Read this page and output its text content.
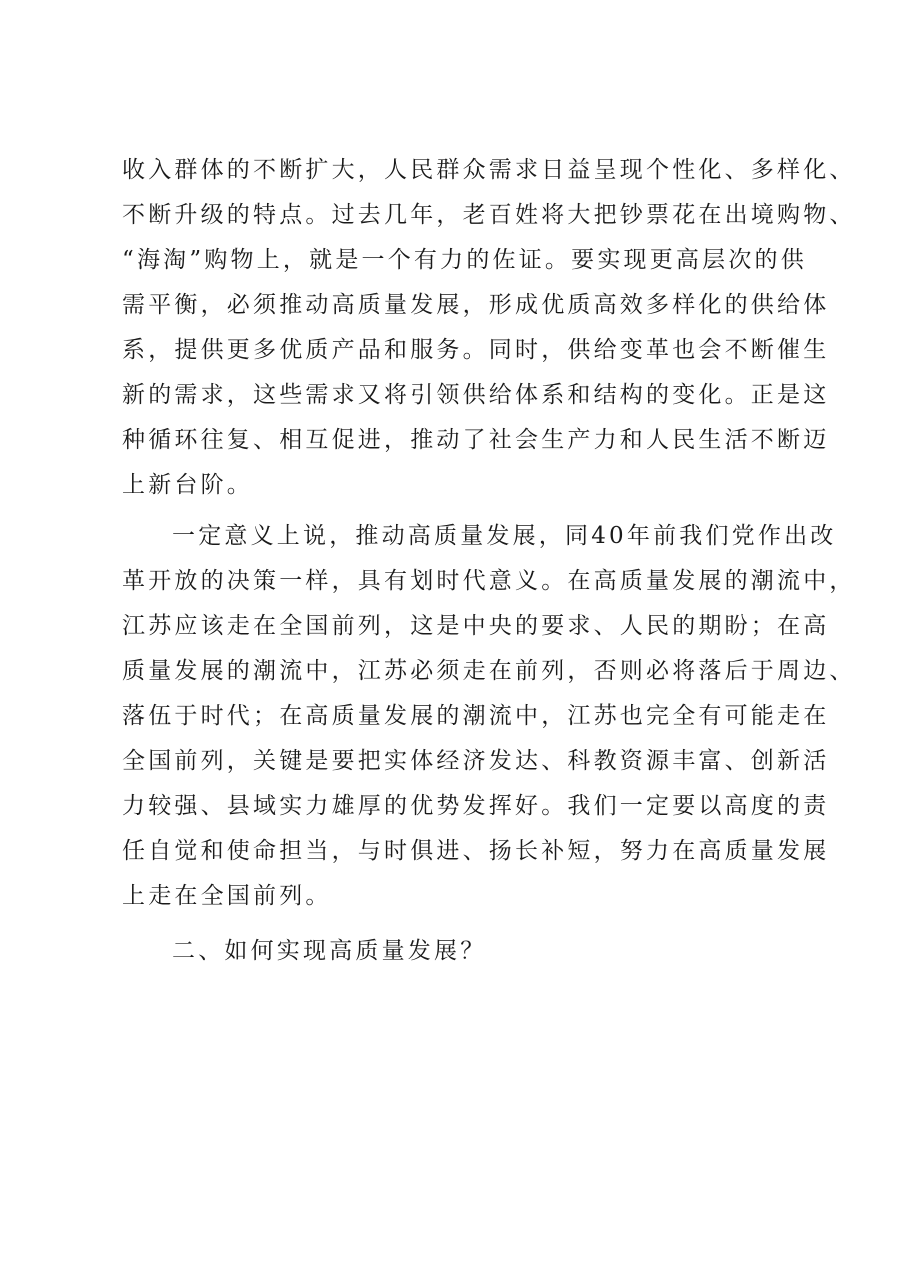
收入群体的不断扩大，人民群众需求日益呈现个性化、多样化、
不断升级的特点。过去几年，老百姓将大把钞票花在出境购物、
“海淘”购物上，就是一个有力的佐证。要实现更高层次的供
需平衡，必须推动高质量发展，形成优质高效多样化的供给体
系，提供更多优质产品和服务。同时，供给变革也会不断催生
新的需求，这些需求又将引领供给体系和结构的变化。正是这
种循环往复、相互促进，推动了社会生产力和人民生活不断迈
上新台阶。
一定意义上说，推动高质量发展，同40年前我们党作出改
革开放的决策一样，具有划时代意义。在高质量发展的潮流中，
江苏应该走在全国前列，这是中央的要求、人民的期盼；在高
质量发展的潮流中，江苏必须走在前列，否则必将落后于周边、
落伍于时代；在高质量发展的潮流中，江苏也完全有可能走在
全国前列，关键是要把实体经济发达、科教资源丰富、创新活
力较强、县域实力雄厚的优势发挥好。我们一定要以高度的责
任自觉和使命担当，与时俱进、扬长补短，努力在高质量发展
上走在全国前列。
二、如何实现高质量发展？
